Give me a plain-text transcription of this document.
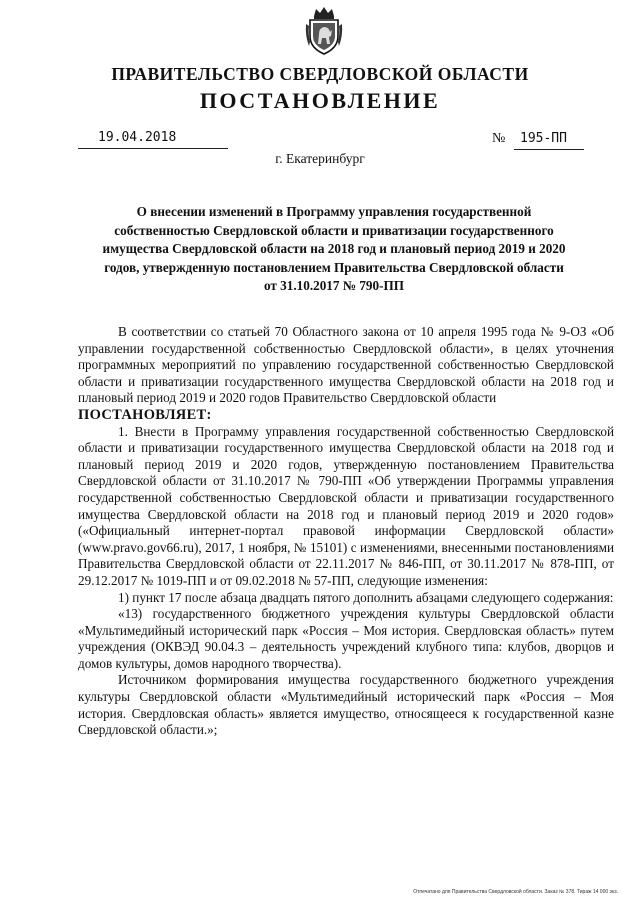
ПРАВИТЕЛЬСТВО СВЕРДЛОВСКОЙ ОБЛАСТИ
ПОСТАНОВЛЕНИЕ
19.04.2018	№ 195-ПП
г. Екатеринбург
О внесении изменений в Программу управления государственной собственностью Свердловской области и приватизации государственного имущества Свердловской области на 2018 год и плановый период 2019 и 2020 годов, утвержденную постановлением Правительства Свердловской области от 31.10.2017 № 790-ПП

В соответствии со статьей 70 Областного закона от 10 апреля 1995 года № 9-ОЗ «Об управлении государственной собственностью Свердловской области», в целях уточнения программных мероприятий по управлению государственной собственностью Свердловской области и приватизации государственного имущества Свердловской области на 2018 год и плановый период 2019 и 2020 годов Правительство Свердловской области

ПОСТАНОВЛЯЕТ:

1. Внести в Программу управления государственной собственностью Свердловской области и приватизации государственного имущества Свердловской области на 2018 год и плановый период 2019 и 2020 годов, утвержденную постановлением Правительства Свердловской области от 31.10.2017 № 790-ПП «Об утверждении Программы управления государственной собственностью Свердловской области и приватизации государственного имущества Свердловской области на 2018 год и плановый период 2019 и 2020 годов» («Официальный интернет-портал правовой информации Свердловской области» (www.pravo.gov66.ru), 2017, 1 ноября, № 15101) с изменениями, внесенными постановлениями Правительства Свердловской области от 22.11.2017 № 846-ПП, от 30.11.2017 № 878-ПП, от 29.12.2017 № 1019-ПП и от 09.02.2018 № 57-ПП, следующие изменения:

1) пункт 17 после абзаца двадцать пятого дополнить абзацами следующего содержания:

«13) государственного бюджетного учреждения культуры Свердловской области «Мультимедийный исторический парк «Россия – Моя история. Свердловская область» путем учреждения (ОКВЭД 90.04.3 – деятельность учреждений клубного типа: клубов, дворцов и домов культуры, домов народного творчества).

Источником формирования имущества государственного бюджетного учреждения культуры Свердловской области «Мультимедийный исторический парк «Россия – Моя история. Свердловская область» является имущество, относящееся к государственной казне Свердловской области.»;

Отпечатано для Правительства Свердловской области. Заказ № 378. Тираж 14 000 экз.
